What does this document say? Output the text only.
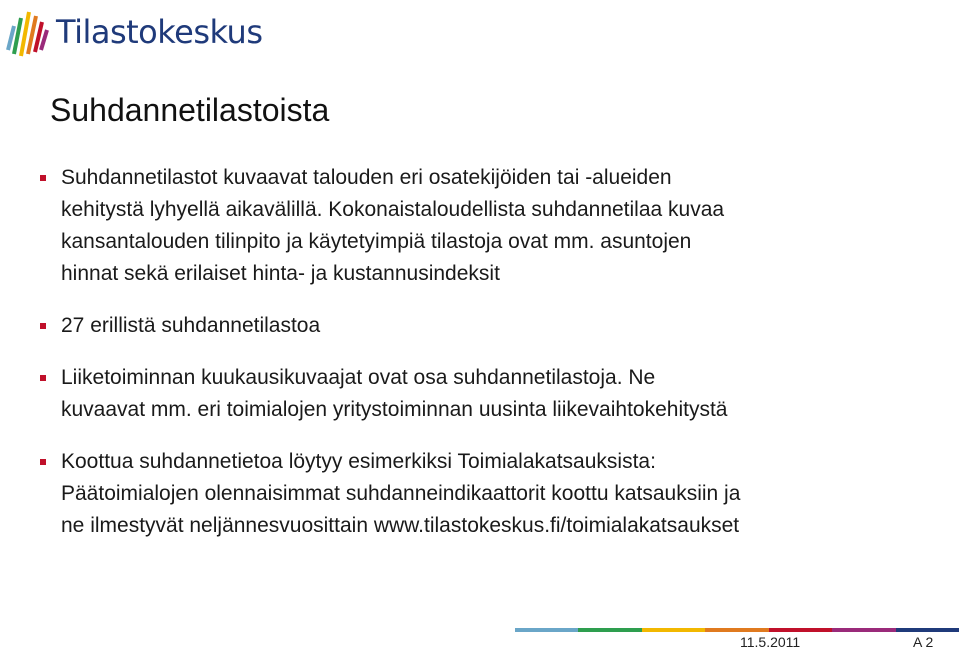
Tilastokeskus
Suhdannetilastoista
Suhdannetilastot kuvaavat talouden eri osatekijöiden tai -alueiden
kehitystä lyhyellä aikavälillä. Kokonaistaloudellista suhdannetilaa kuvaa
kansantalouden tilinpito ja käytetyimpiä tilastoja ovat mm. asuntojen
hinnat sekä erilaiset hinta- ja kustannusindeksit
27 erillistä suhdannetilastoa
Liiketoiminnan kuukausikuvaajat ovat osa suhdannetilastoja. Ne
kuvaavat mm. eri toimialojen yritystoiminnan uusinta liikevaihtokehitystä
Koottua suhdannetietoa löytyy esimerkiksi Toimialakatsauksista:
Päätoimialojen olennaisimmat suhdanneindikaattorit koottu katsauksiin ja
ne ilmestyvät neljännesvuosittain www.tilastokeskus.fi/toimialakatsaukset
11.5.2011	A 2
